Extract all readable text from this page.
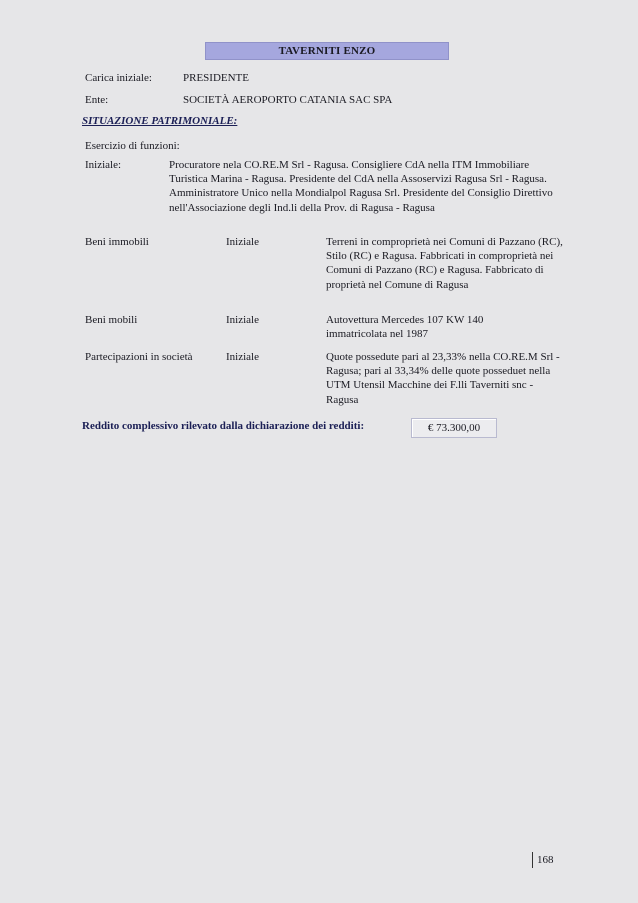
TAVERNITI ENZO
Carica iniziale:	PRESIDENTE
Ente:	SOCIETÀ AEROPORTO CATANIA SAC SPA
SITUAZIONE PATRIMONIALE:
Esercizio di funzioni:
Iniziale:	Procuratore nela CO.RE.M Srl - Ragusa. Consigliere CdA nella ITM Immobiliare Turistica Marina - Ragusa. Presidente del CdA nella Assoservizi Ragusa Srl - Ragusa. Amministratore Unico nella Mondialpol Ragusa Srl. Presidente del Consiglio Direttivo nell'Associazione degli Ind.li della Prov. di Ragusa - Ragusa
Beni immobili	Iniziale	Terreni in comproprietà nei Comuni di Pazzano (RC), Stilo (RC) e Ragusa. Fabbricati in comproprietà nei Comuni di Pazzano (RC) e Ragusa. Fabbricato di proprietà nel Comune di Ragusa
Beni mobili	Iniziale	Autovettura Mercedes 107 KW 140 immatricolata nel 1987
Partecipazioni in società	Iniziale	Quote possedute pari al 23,33% nella CO.RE.M Srl - Ragusa; pari al 33,34% delle quote posseduet nella UTM Utensil Macchine dei F.lli Taverniti snc - Ragusa
Reddito complessivo rilevato dalla dichiarazione dei redditi:	€ 73.300,00
168
